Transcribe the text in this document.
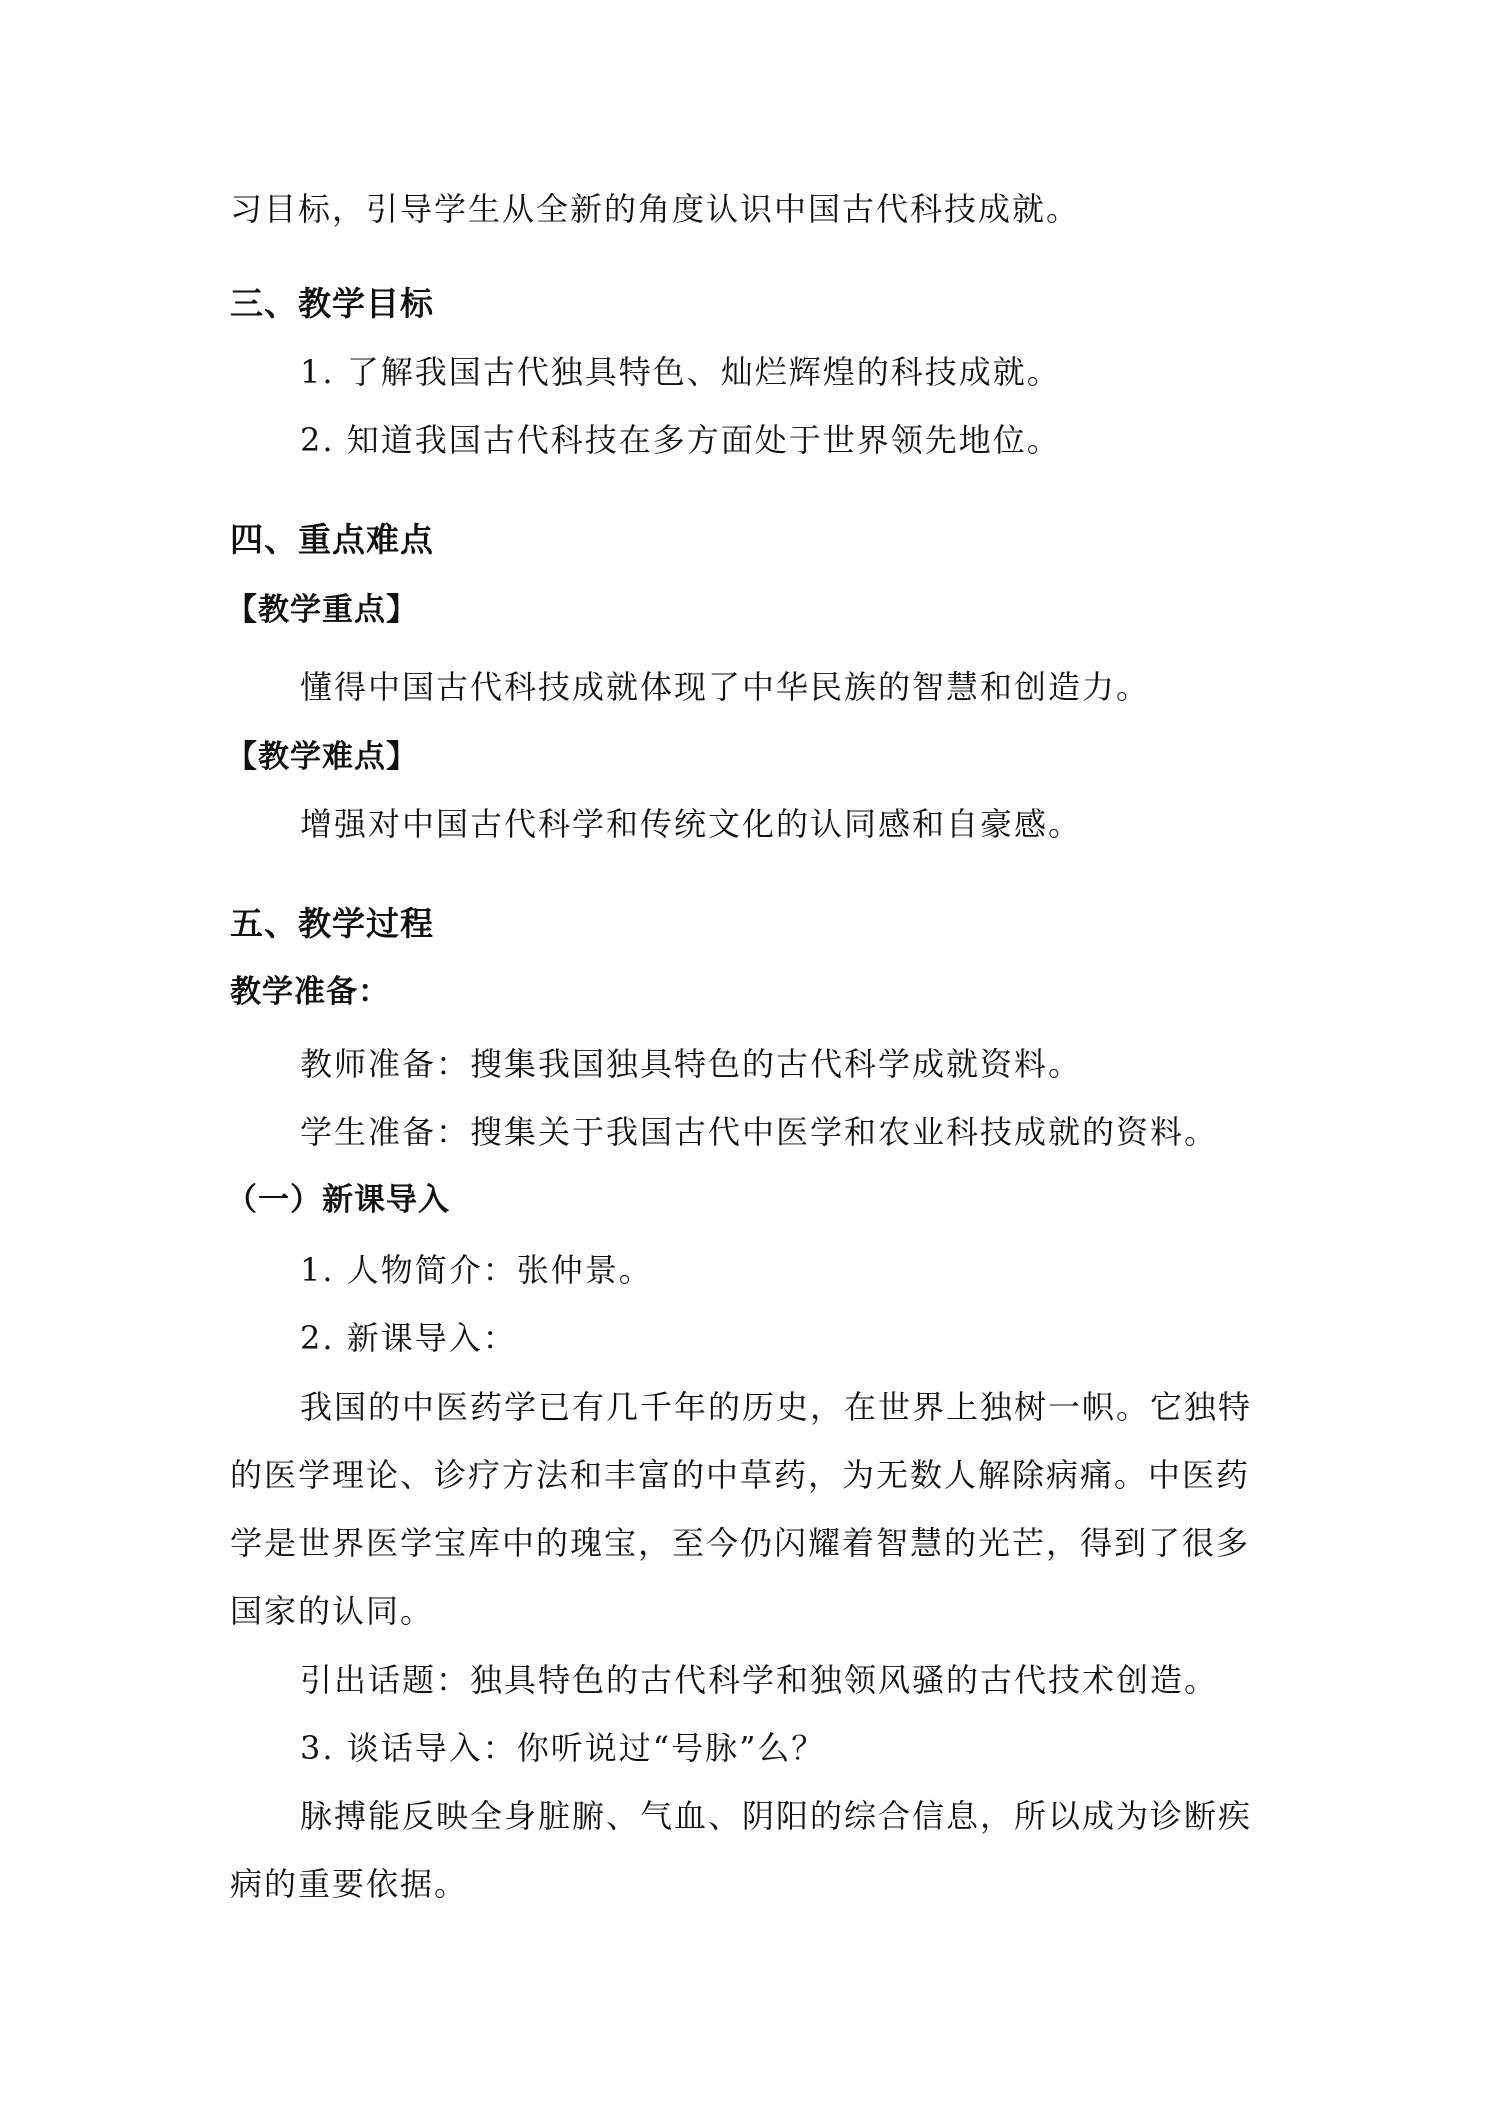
习目标，引导学生从全新的角度认识中国古代科技成就。
三、教学目标
1. 了解我国古代独具特色、灿烂辉煌的科技成就。
2. 知道我国古代科技在多方面处于世界领先地位。
四、重点难点
【教学重点】
懂得中国古代科技成就体现了中华民族的智慧和创造力。
【教学难点】
增强对中国古代科学和传统文化的认同感和自豪感。
五、教学过程
教学准备：
教师准备：搜集我国独具特色的古代科学成就资料。
学生准备：搜集关于我国古代中医学和农业科技成就的资料。
（一）新课导入
1. 人物简介：张仲景。
2. 新课导入：
我国的中医药学已有几千年的历史，在世界上独树一帜。它独特
的医学理论、诊疗方法和丰富的中草药，为无数人解除病痛。中医药
学是世界医学宝库中的瑰宝，至今仍闪耀着智慧的光芒，得到了很多
国家的认同。
引出话题：独具特色的古代科学和独领风骚的古代技术创造。
3. 谈话导入：你听说过“号脉”么？
脉搏能反映全身脏腑、气血、阴阳的综合信息，所以成为诊断疾
病的重要依据。
